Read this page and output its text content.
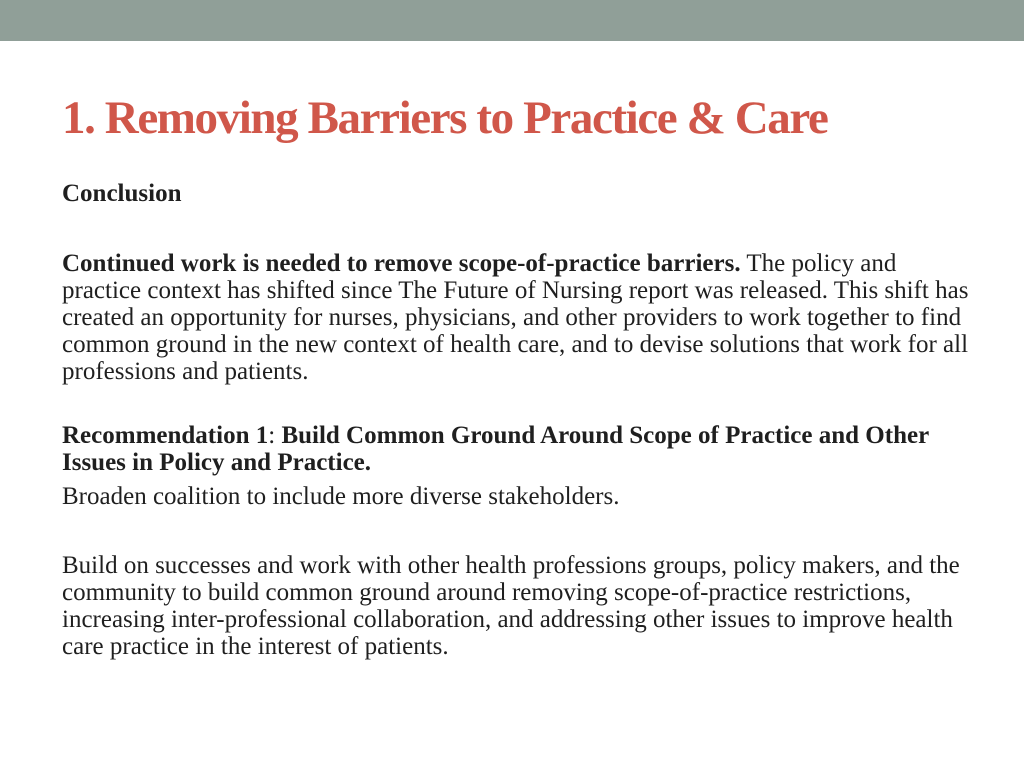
1. Removing Barriers to Practice & Care

Conclusion

Continued work is needed to remove scope-of-practice barriers. The policy and practice context has shifted since The Future of Nursing report was released. This shift has created an opportunity for nurses, physicians, and other providers to work together to find common ground in the new context of health care, and to devise solutions that work for all professions and patients.

Recommendation 1: Build Common Ground Around Scope of Practice and Other Issues in Policy and Practice.

Broaden coalition to include more diverse stakeholders.

Build on successes and work with other health professions groups, policy makers, and the community to build common ground around removing scope-of-practice restrictions, increasing inter-professional collaboration, and addressing other issues to improve health care practice in the interest of patients.
